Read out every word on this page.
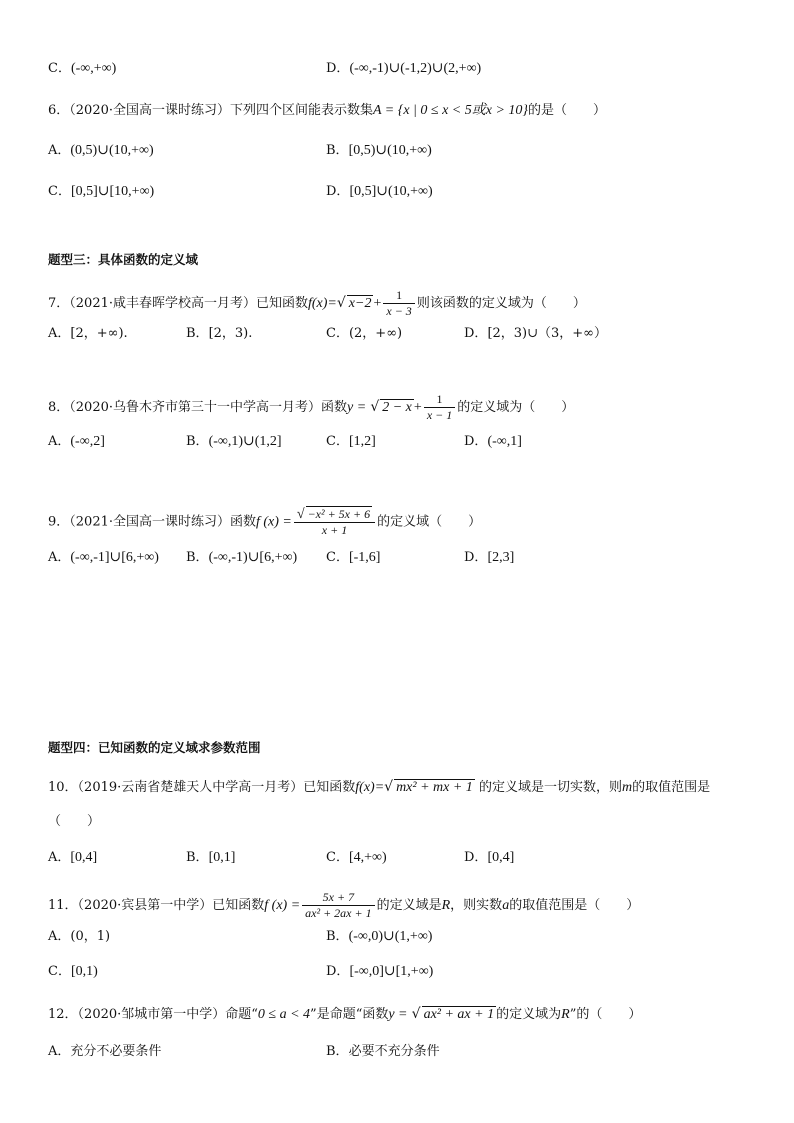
C．(-∞,+∞)	D．(-∞,-1)∪(-1,2)∪(2,+∞)
6．（2020·全国高一课时练习）下列四个区间能表示数集A = {x | 0 ≤ x < 5或x > 10}的是（　　）
A．(0,5)∪(10,+∞)	B．[0,5)∪(10,+∞)
C．[0,5]∪[10,+∞)	D．[0,5]∪(10,+∞)
题型三：具体函数的定义域
7．（2021·咸丰春晖学校高一月考）已知函数f(x)=√ $x-2 + \frac{1}{x - 3}$ 则该函数的定义域为（　　）
A．[2，+∞).	B．[2，3).	C．(2，+∞)	D．[2，3)∪（3，+∞）
8．（2020·乌鲁木齐市第三十一中学高一月考）函数y = √ $2 - x + \frac{1}{x - 1}$ 的定义域为（　　）
A．(-∞,2]	B．(-∞,1)∪(1,2]	C．[1,2]	D．(-∞,1]
9．（2021·全国高一课时练习）函数f $(x) = \frac{\text{√ −x² + 5x + 6}}{x + 1}$ 的定义域（　　）
A．(-∞,-1]∪[6,+∞) B．(-∞,-1)∪[6,+∞) C．[-1,6]	D．[2,3]
题型四：已知函数的定义域求参数范围
10．（2019·云南省楚雄天人中学高一月考）已知函数f(x)=√ mx² + mx + 1 的定义域是一切实数，则m的取值范围是
（　　）
A．[0,4]	B．[0,1]	C．[4,+∞)	D．[0,4]
11．（2020·宾县第一中学）已知函数f $(x) = \frac{5x + 7}{\text{ax² + 2ax + 1}}$ 的定义域是R，则实数a的取值范围是（　　）
A．(0，1)	B．(-∞,0)∪(1,+∞)
C．[0,1)	D．[-∞,0]∪[1,+∞)
12．（2020·邹城市第一中学）命题“0 ≤ a < 4”是命题“函数y = √ ax² + ax + 1 的定义域为R”的（　　）
A．充分不必要条件	B．必要不充分条件
